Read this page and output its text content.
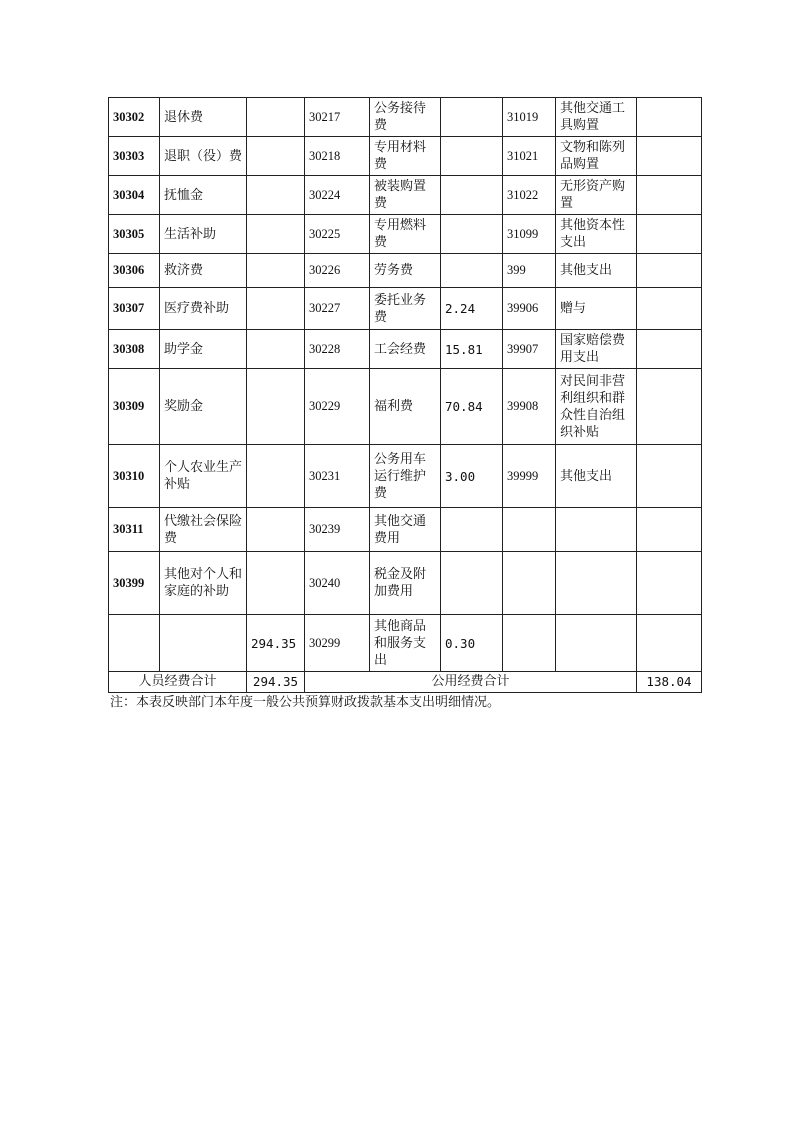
30302	退休费		30217	公务接待费		31019	其他交通工具购置	
30303	退职（役）费		30218	专用材料费		31021	文物和陈列品购置	
30304	抚恤金		30224	被装购置费		31022	无形资产购置	
30305	生活补助		30225	专用燃料费		31099	其他资本性支出	
30306	救济费		30226	劳务费		399	其他支出	
30307	医疗费补助		30227	委托业务费	2.24	39906	赠与	
30308	助学金		30228	工会经费	15.81	39907	国家赔偿费用支出	
30309	奖励金		30229	福利费	70.84	39908	对民间非营利组织和群众性自治组织补贴	
30310	个人农业生产补贴		30231	公务用车运行维护费	3.00	39999	其他支出	
30311	代缴社会保险费		30239	其他交通费用				
30399	其他对个人和家庭的补助		30240	税金及附加费用				
		294.35	30299	其他商品和服务支出	0.30			
人员经费合计		294.35	公用经费合计					138.04
注：本表反映部门本年度一般公共预算财政拨款基本支出明细情况。
